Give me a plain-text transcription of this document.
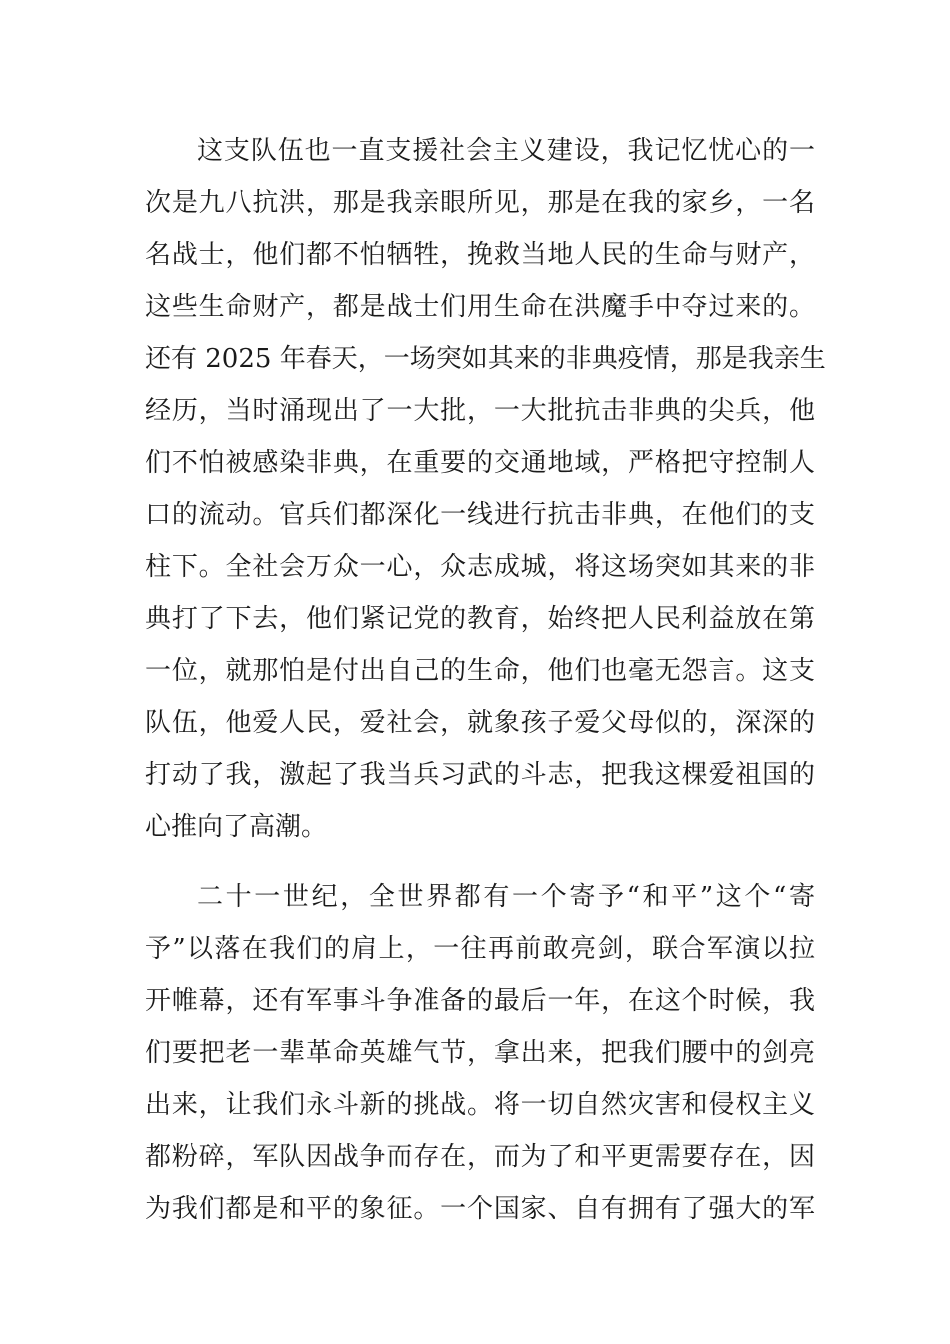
这支队伍也一直支援社会主义建设，我记忆忧心的一
次是九八抗洪，那是我亲眼所见，那是在我的家乡，一名
名战士，他们都不怕牺牲，挽救当地人民的生命与财产，
这些生命财产，都是战士们用生命在洪魔手中夺过来的。
还有 2025 年春天，一场突如其来的非典疫情，那是我亲生
经历，当时涌现出了一大批，一大批抗击非典的尖兵，他
们不怕被感染非典，在重要的交通地域，严格把守控制人
口的流动。官兵们都深化一线进行抗击非典，在他们的支
柱下。全社会万众一心，众志成城，将这场突如其来的非
典打了下去，他们紧记党的教育，始终把人民利益放在第
一位，就那怕是付出自己的生命，他们也毫无怨言。这支
队伍，他爱人民，爱社会，就象孩子爱父母似的，深深的
打动了我，激起了我当兵习武的斗志，把我这棵爱祖国的
心推向了高潮。

二十一世纪，全世界都有一个寄予“和平”这个“寄
予”以落在我们的肩上，一往再前敢亮剑，联合军演以拉
开帷幕，还有军事斗争准备的最后一年，在这个时候，我
们要把老一辈革命英雄气节，拿出来，把我们腰中的剑亮
出来，让我们永斗新的挑战。将一切自然灾害和侵权主义
都粉碎，军队因战争而存在，而为了和平更需要存在，因
为我们都是和平的象征。一个国家、自有拥有了强大的军
